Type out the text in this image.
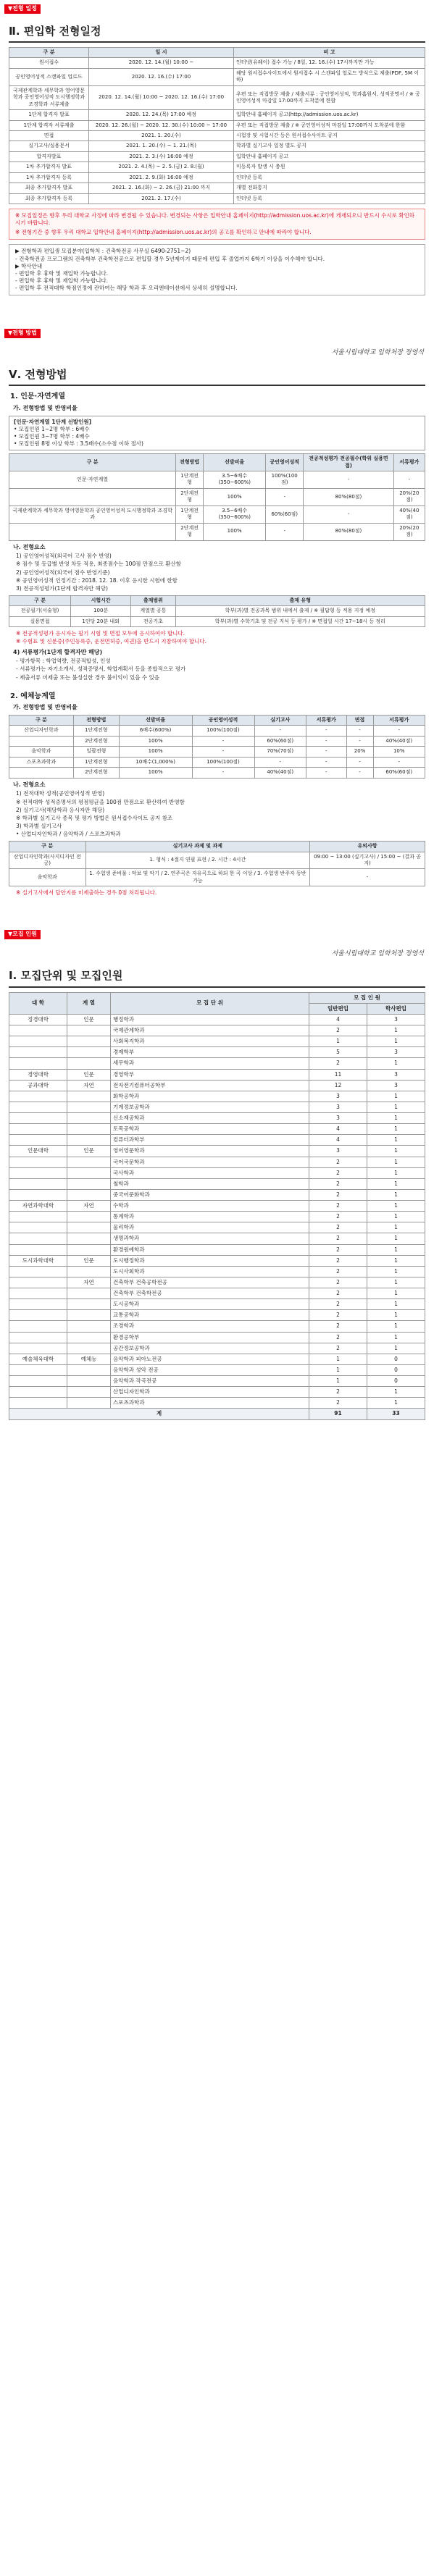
▼전형 일정
Ⅱ. 편입학 전형일정
구 분	일 시	비 고
원서접수	2020. 12. 14.(월) 10:00 ~	인터넷(유웨이) 접수 가능 / 8일, 12. 16.(수) 17시까지만 가능
공인영어성적 스캔파일 업로드	2020. 12. 16.(수) 17:00	해당 원서접수사이트에서 원서접수 시 스캔파일 업로드 방식으로 제출(PDF, 5M 이하)
국제관계학과 세무학과 영어영문학과 공인영어성적 도시행정학과 조경학과 서류제출	2020. 12. 14.(월) 10:00 ~ 2020. 12. 16.(수) 17:00	우편 또는 직접방문 제출 / 제출서류 : 공인영어성적, 학과홈원서, 성적증명서 / ※ 공인영어성적 마감일 17:00까지 도착분에 한함
1단계 합격자 발표	2020. 12. 24.(목) 17:00 예정	입학안내 홈페이지 공고(http://admission.uos.ac.kr)
1단계 합격자 서류제출	2020. 12. 26.(월) ~ 2020. 12. 30.(수) 10:00 ~ 17:00	우편 또는 직접방문 제출 / ※ 공인영어성적 마감일 17:00까지 도착분에 한함
면접	2021. 1. 20.(수)	시험장 및 시험시간 등은 원서접수사이트 공지
실기고사/실용문서	2021. 1. 20.(수) ~ 1. 21.(목)	학과별 실기고사 일정 별도 공지
합격자발표	2021. 2. 3.(수) 16:00 예정	입학안내 홈페이지 공고
1차 추가합격자 발표	2021. 2. 4.(목) ~ 2. 5.(금) 2. 8.(월)	미등록자 발생 시 충원
1차 추가합격자 등록	2021. 2. 9.(화) 16:00 예정	인터넷 등록
최종 추가합격자 발표	2021. 2. 16.(화) ~ 2. 26.(금) 21:00 까지	개별 전화통지
최종 추가합격자 등록	2021. 2. 17.(수)	인터넷 등록
※ 모집일정은 향후 우리 대학교 사정에 따라 변경될 수 있습니다. 변경되는 사항은 입학안내 홈페이지(http://admission.uos.ac.kr)에 게재되오니 반드시 수시로 확인하시기 바랍니다.
※ 전형기간 중 향후 우리 대학교 입학안내 홈페이지(http://admission.uos.ac.kr)의 공고를 확인하고 안내에 따라야 합니다.
▶ 전형학과 편입생 모집분야(입학처 : 건축학전공 사무실 6490-2751~2)
- 건축학전공 프로그램의 건축학부 건축학전공으로 편입할 경우 5년제이기 때문에 편입 후 졸업까지 6학기 이상을 이수해야 합니다.
▶ 학사안내
- 편입학 후 휴학 및 재입학 가능합니다.
- 편입학 후 휴학 및 재입학 가능합니다.
- 편입학 후 전적대학 학점인정에 관하여는 해당 학과 후 오리엔테이션에서 상세히 설명합니다.
▼전형 방법
서울시립대학교 입학처장 정영석
Ⅴ. 전형방법
1. 인문·자연계열
가. 전형방법 및 반영비율
[인문·자연계열 1단계 선발인원]
• 모집인원 1~2명 학부 : 6배수
• 모집인원 3~7명 학부 : 4배수
• 모집인원 8명 이상 학부 : 3.5배수(소수점 이하 절사)
구 분	전형방법	선발비율	공인영어성적	전공적성평가 전공필수(학위 실용면접)	서류평가
인문·자연계열	1단계전형	3.5~6배수(350~600%)	100%(100점)	-	-
	2단계전형	100%	-	80%(80점)	20%(20점)
국제관계학과 세무학과 영어영문학과 공인영어성적 도시행정학과 조경학과	1단계전형	3.5~6배수(350~600%)	60%(60점)	-	40%(40점)
	2단계전형	100%	-	80%(80점)	20%(20점)
나. 전형요소
1) 공인영어성적(외국어 고사 점수 반영)
※ 점수 및 등급별 반영 차등 적용, 최종점수는 100점 만점으로 환산함
2) 공인영어성적(외국어 점수 반영기준)
※ 공인영어성적 인정기간 : 2018. 12. 18. 이후 응시한 시험에 한함
3) 전공적성평가(1단계 합격자만 해당)
구 분	시험시간	출제범위	출제 유형
전공필기(서술형)	100분	계열별 공통	학부(과)별 전공과목 범위 내에서 출제 / ※ 필답형 등 적용 지정 예정
실용면접	1인당 20분 내외	전공기초	학부(과)별 수학기초 및 전공 지식 등 평가 / ※ 면접일 시간 17~18시 등 정리
※ 전공적성평가 응시자는 필기 시험 및 면접 모두에 응시하여야 합니다.
※ 수험표 및 신분증(주민등록증, 운전면허증, 여권)을 반드시 지참하여야 합니다.
4) 서류평가(1단계 합격자만 해당)
- 평가항목 : 학업역량, 전공적합성, 인성
- 서류평가는 자기소개서, 성적증명서, 학업계획서 등을 종합적으로 평가
- 제출서류 미제출 또는 불성실한 경우 불이익이 있을 수 있음
2. 예체능계열
가. 전형방법 및 반영비율
구 분	전형방법	선발비율	공인영어성적	실기고사	서류평가	면접	서류평가
산업디자인학과	1단계전형	6배수(600%)	100%(100점)	-	-	-	-
	2단계전형	100%	-	60%(60점)	-	-	40%(40점)
음악학과	일괄전형	100%	-	70%(70점)	-	20%	10%
스포츠과학과	1단계전형	10배수(1,000%)	100%(100점)	-	-	-	-
	2단계전형	100%	-	40%(40점)	-	-	60%(60점)
나. 전형요소
1) 전적대학 성적(공인영어성적 반영)
※ 전적대학 성적증명서의 평점평균을 100점 만점으로 환산하여 반영함
2) 실기고사(해당학과 응시자만 해당)
※ 학과별 실기고사 종목 및 평가 방법은 원서접수사이트 공지 참조
3) 학과별 실기고사
• 산업디자인학과 / 음악학과 / 스포츠과학과
구 분	실기고사 과제 및 과제	유의사항
산업디자인학과(사지디자인 전공)	1. 형식 : 4절지 연필 표현 / 2. 시간 : 4시간	09:00 ~ 13:00 (실기고사) / 15:00 ~ (결과 공지)
음악학과	1. 수험생 준비물 : 악보 및 악기 / 2. 연주곡은 자유곡으로 하되 한 곡 이상 / 3. 수험생 반주자 동반 가능	-
※ 실기고사에서 답안지를 미제출하는 경우 0점 처리됩니다.
▼모집 인원
서울시립대학교 입학처장 정영석
Ⅰ. 모집단위 및 모집인원
대 학	계 열	모 집 단 위	모 집 인 원	
			일반편입	학사편입
정경대학	인문	행정학과	4	3
		국제관계학과	2	1
		사회복지학과	1	1
		경제학부	5	3
		세무학과	2	1
경영대학	인문	경영학부	11	3
공과대학	자연	전자전기컴퓨터공학부	12	3
		화학공학과	3	1
		기계정보공학과	3	1
		신소재공학과	3	1
		토목공학과	4	1
		컴퓨터과학부	4	1
인문대학	인문	영어영문학과	3	1
		국어국문학과	2	1
		국사학과	2	1
		철학과	2	1
		중국어문화학과	2	1
자연과학대학	자연	수학과	2	1
		통계학과	2	1
		물리학과	2	1
		생명과학과	2	1
		환경원예학과	2	1
도시과학대학	인문	도시행정학과	2	1
		도시사회학과	2	1
	자연	건축학부 건축공학전공	2	1
		건축학부 건축학전공	2	1
		도시공학과	2	1
		교통공학과	2	1
		조경학과	2	1
		환경공학부	2	1
		공간정보공학과	2	1
예술체육대학	예체능	음악학과 피아노전공	1	0
		음악학과 성악 전공	1	0
		음악학과 작곡전공	1	0
		산업디자인학과	2	1
		스포츠과학과	2	1
계			91	33
